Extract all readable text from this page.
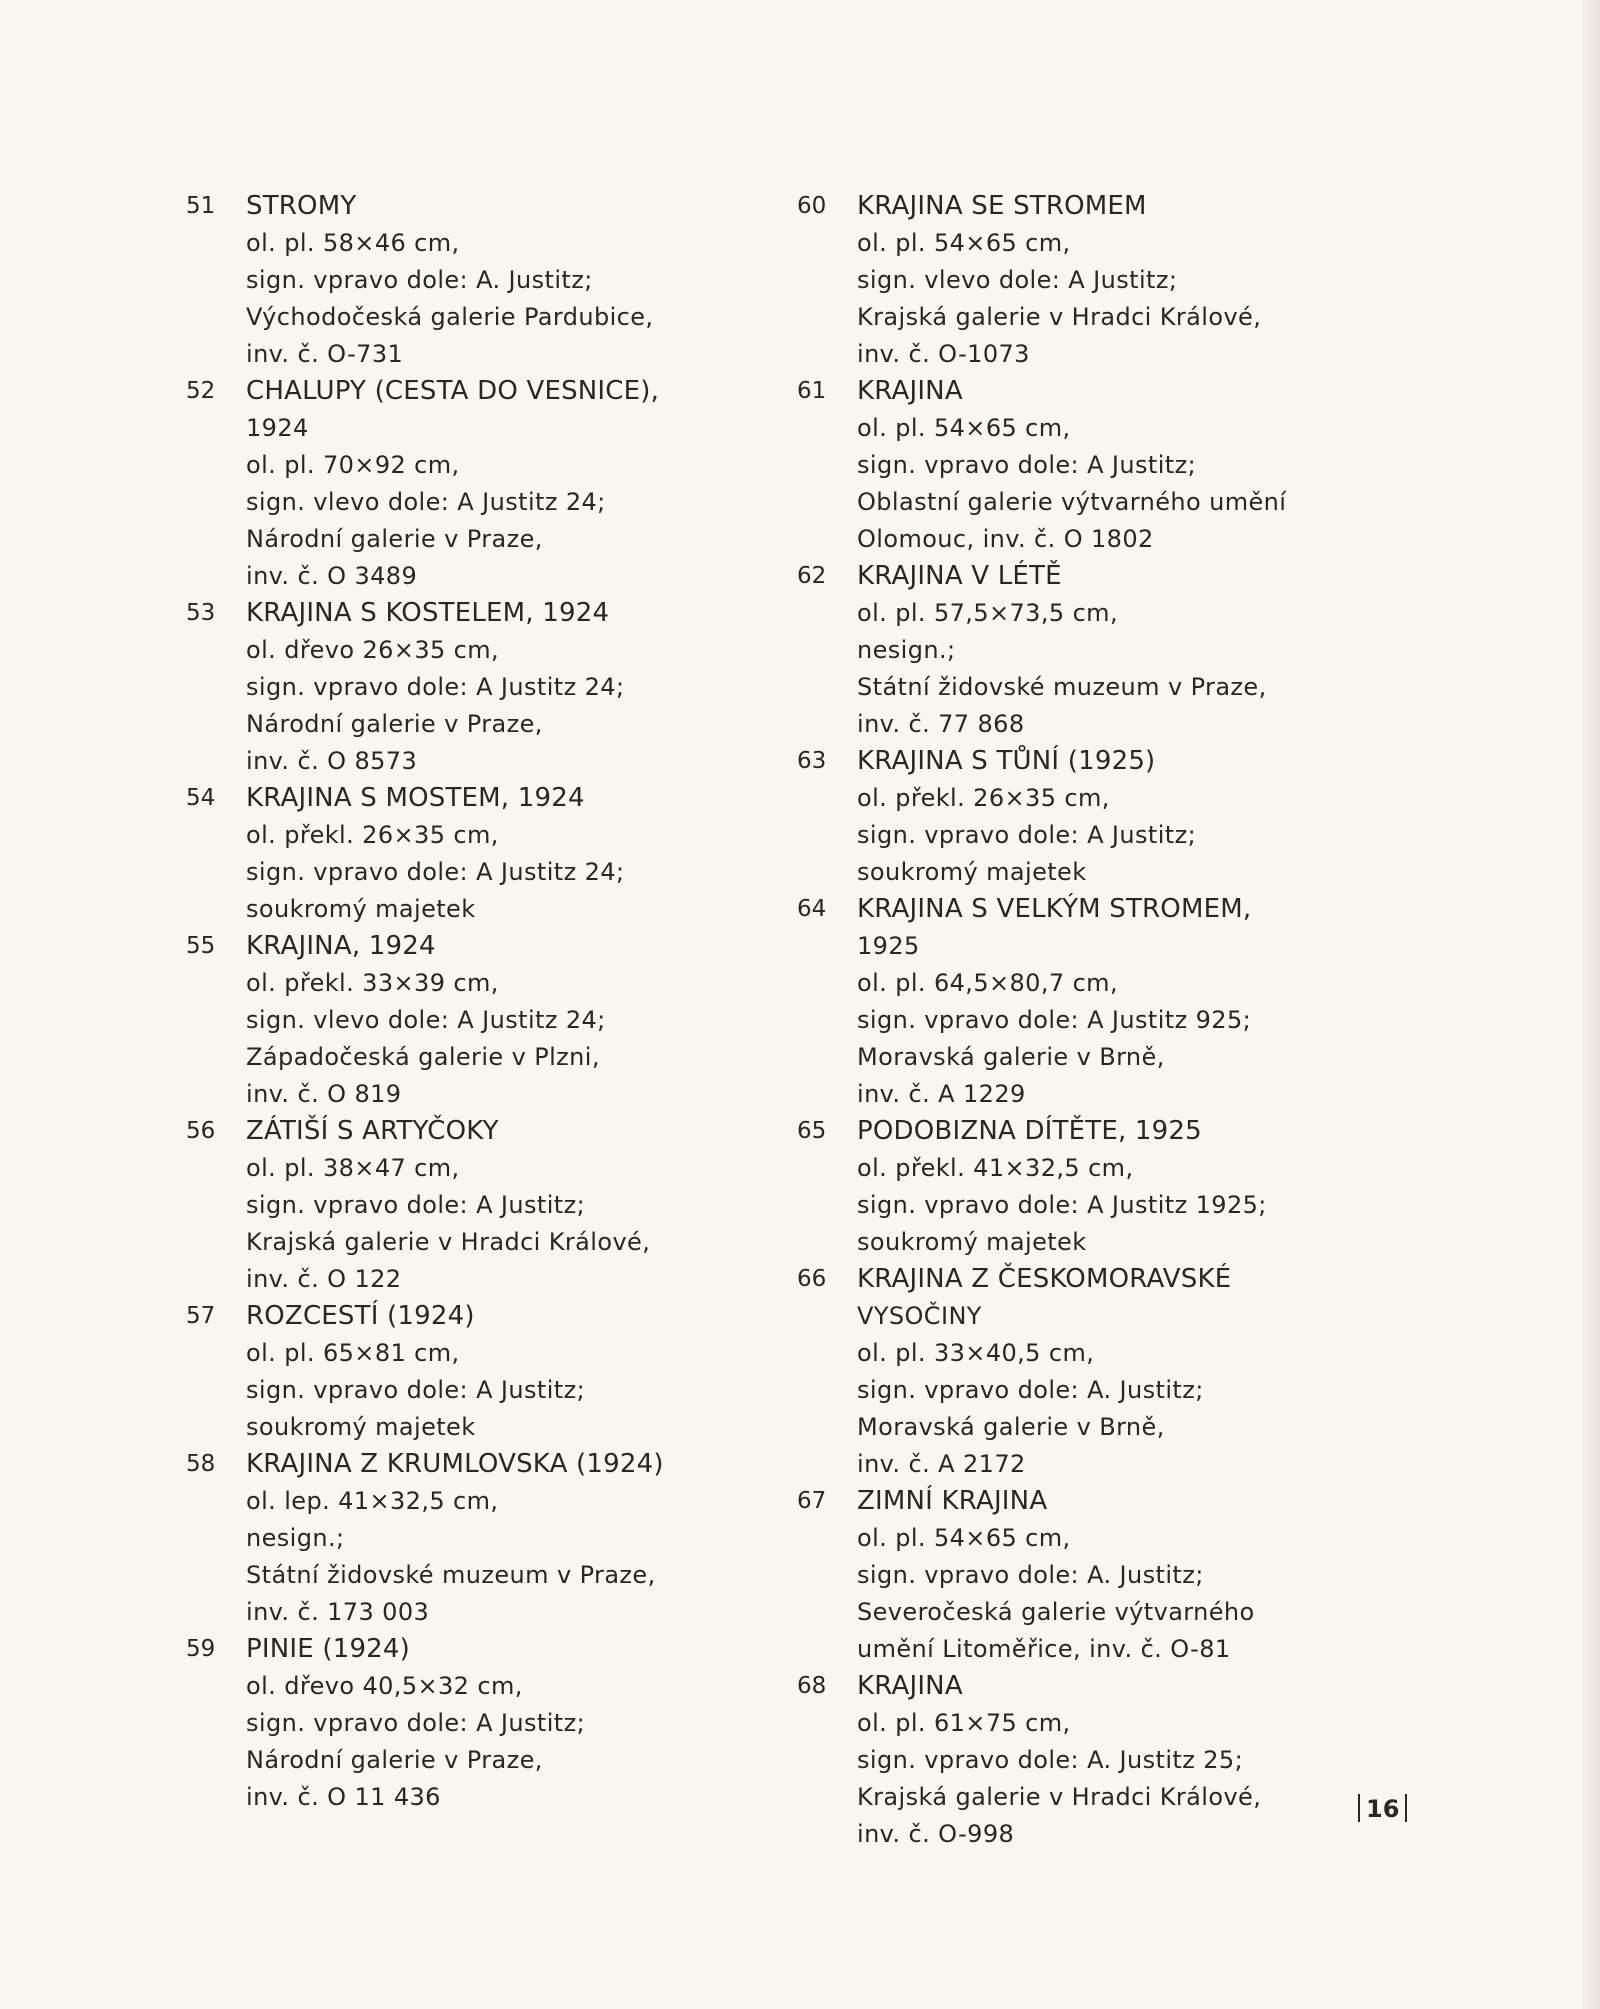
51	STROMY
ol. pl. 58×46 cm,
sign. vpravo dole: A. Justitz;
Východočeská galerie Pardubice,
inv. č. O-731
52	CHALUPY (CESTA DO VESNICE),
1924
ol. pl. 70×92 cm,
sign. vlevo dole: A Justitz 24;
Národní galerie v Praze,
inv. č. O 3489
53	KRAJINA S KOSTELEM, 1924
ol. dřevo 26×35 cm,
sign. vpravo dole: A Justitz 24;
Národní galerie v Praze,
inv. č. O 8573
54	KRAJINA S MOSTEM, 1924
ol. překl. 26×35 cm,
sign. vpravo dole: A Justitz 24;
soukromý majetek
55	KRAJINA, 1924
ol. překl. 33×39 cm,
sign. vlevo dole: A Justitz 24;
Západočeská galerie v Plzni,
inv. č. O 819
56	ZÁTIŠÍ S ARTYČOKY
ol. pl. 38×47 cm,
sign. vpravo dole: A Justitz;
Krajská galerie v Hradci Králové,
inv. č. O 122
57	ROZCESTÍ (1924)
ol. pl. 65×81 cm,
sign. vpravo dole: A Justitz;
soukromý majetek
58	KRAJINA Z KRUMLOVSKA (1924)
ol. lep. 41×32,5 cm,
nesign.;
Státní židovské muzeum v Praze,
inv. č. 173 003
59	PINIE (1924)
ol. dřevo 40,5×32 cm,
sign. vpravo dole: A Justitz;
Národní galerie v Praze,
inv. č. O 11 436
60	KRAJINA SE STROMEM
ol. pl. 54×65 cm,
sign. vlevo dole: A Justitz;
Krajská galerie v Hradci Králové,
inv. č. O-1073
61	KRAJINA
ol. pl. 54×65 cm,
sign. vpravo dole: A Justitz;
Oblastní galerie výtvarného umění
Olomouc, inv. č. O 1802
62	KRAJINA V LÉTĚ
ol. pl. 57,5×73,5 cm,
nesign.;
Státní židovské muzeum v Praze,
inv. č. 77 868
63	KRAJINA S TŮNÍ (1925)
ol. překl. 26×35 cm,
sign. vpravo dole: A Justitz;
soukromý majetek
64	KRAJINA S VELKÝM STROMEM,
1925
ol. pl. 64,5×80,7 cm,
sign. vpravo dole: A Justitz 925;
Moravská galerie v Brně,
inv. č. A 1229
65	PODOBIZNA DÍTĚTE, 1925
ol. překl. 41×32,5 cm,
sign. vpravo dole: A Justitz 1925;
soukromý majetek
66	KRAJINA Z ČESKOMORAVSKÉ
VYSOČINY
ol. pl. 33×40,5 cm,
sign. vpravo dole: A. Justitz;
Moravská galerie v Brně,
inv. č. A 2172
67	ZIMNÍ KRAJINA
ol. pl. 54×65 cm,
sign. vpravo dole: A. Justitz;
Severočeská galerie výtvarného
umění Litoměřice, inv. č. O-81
68	KRAJINA
ol. pl. 61×75 cm,
sign. vpravo dole: A. Justitz 25;
Krajská galerie v Hradci Králové,
inv. č. O-998
16
